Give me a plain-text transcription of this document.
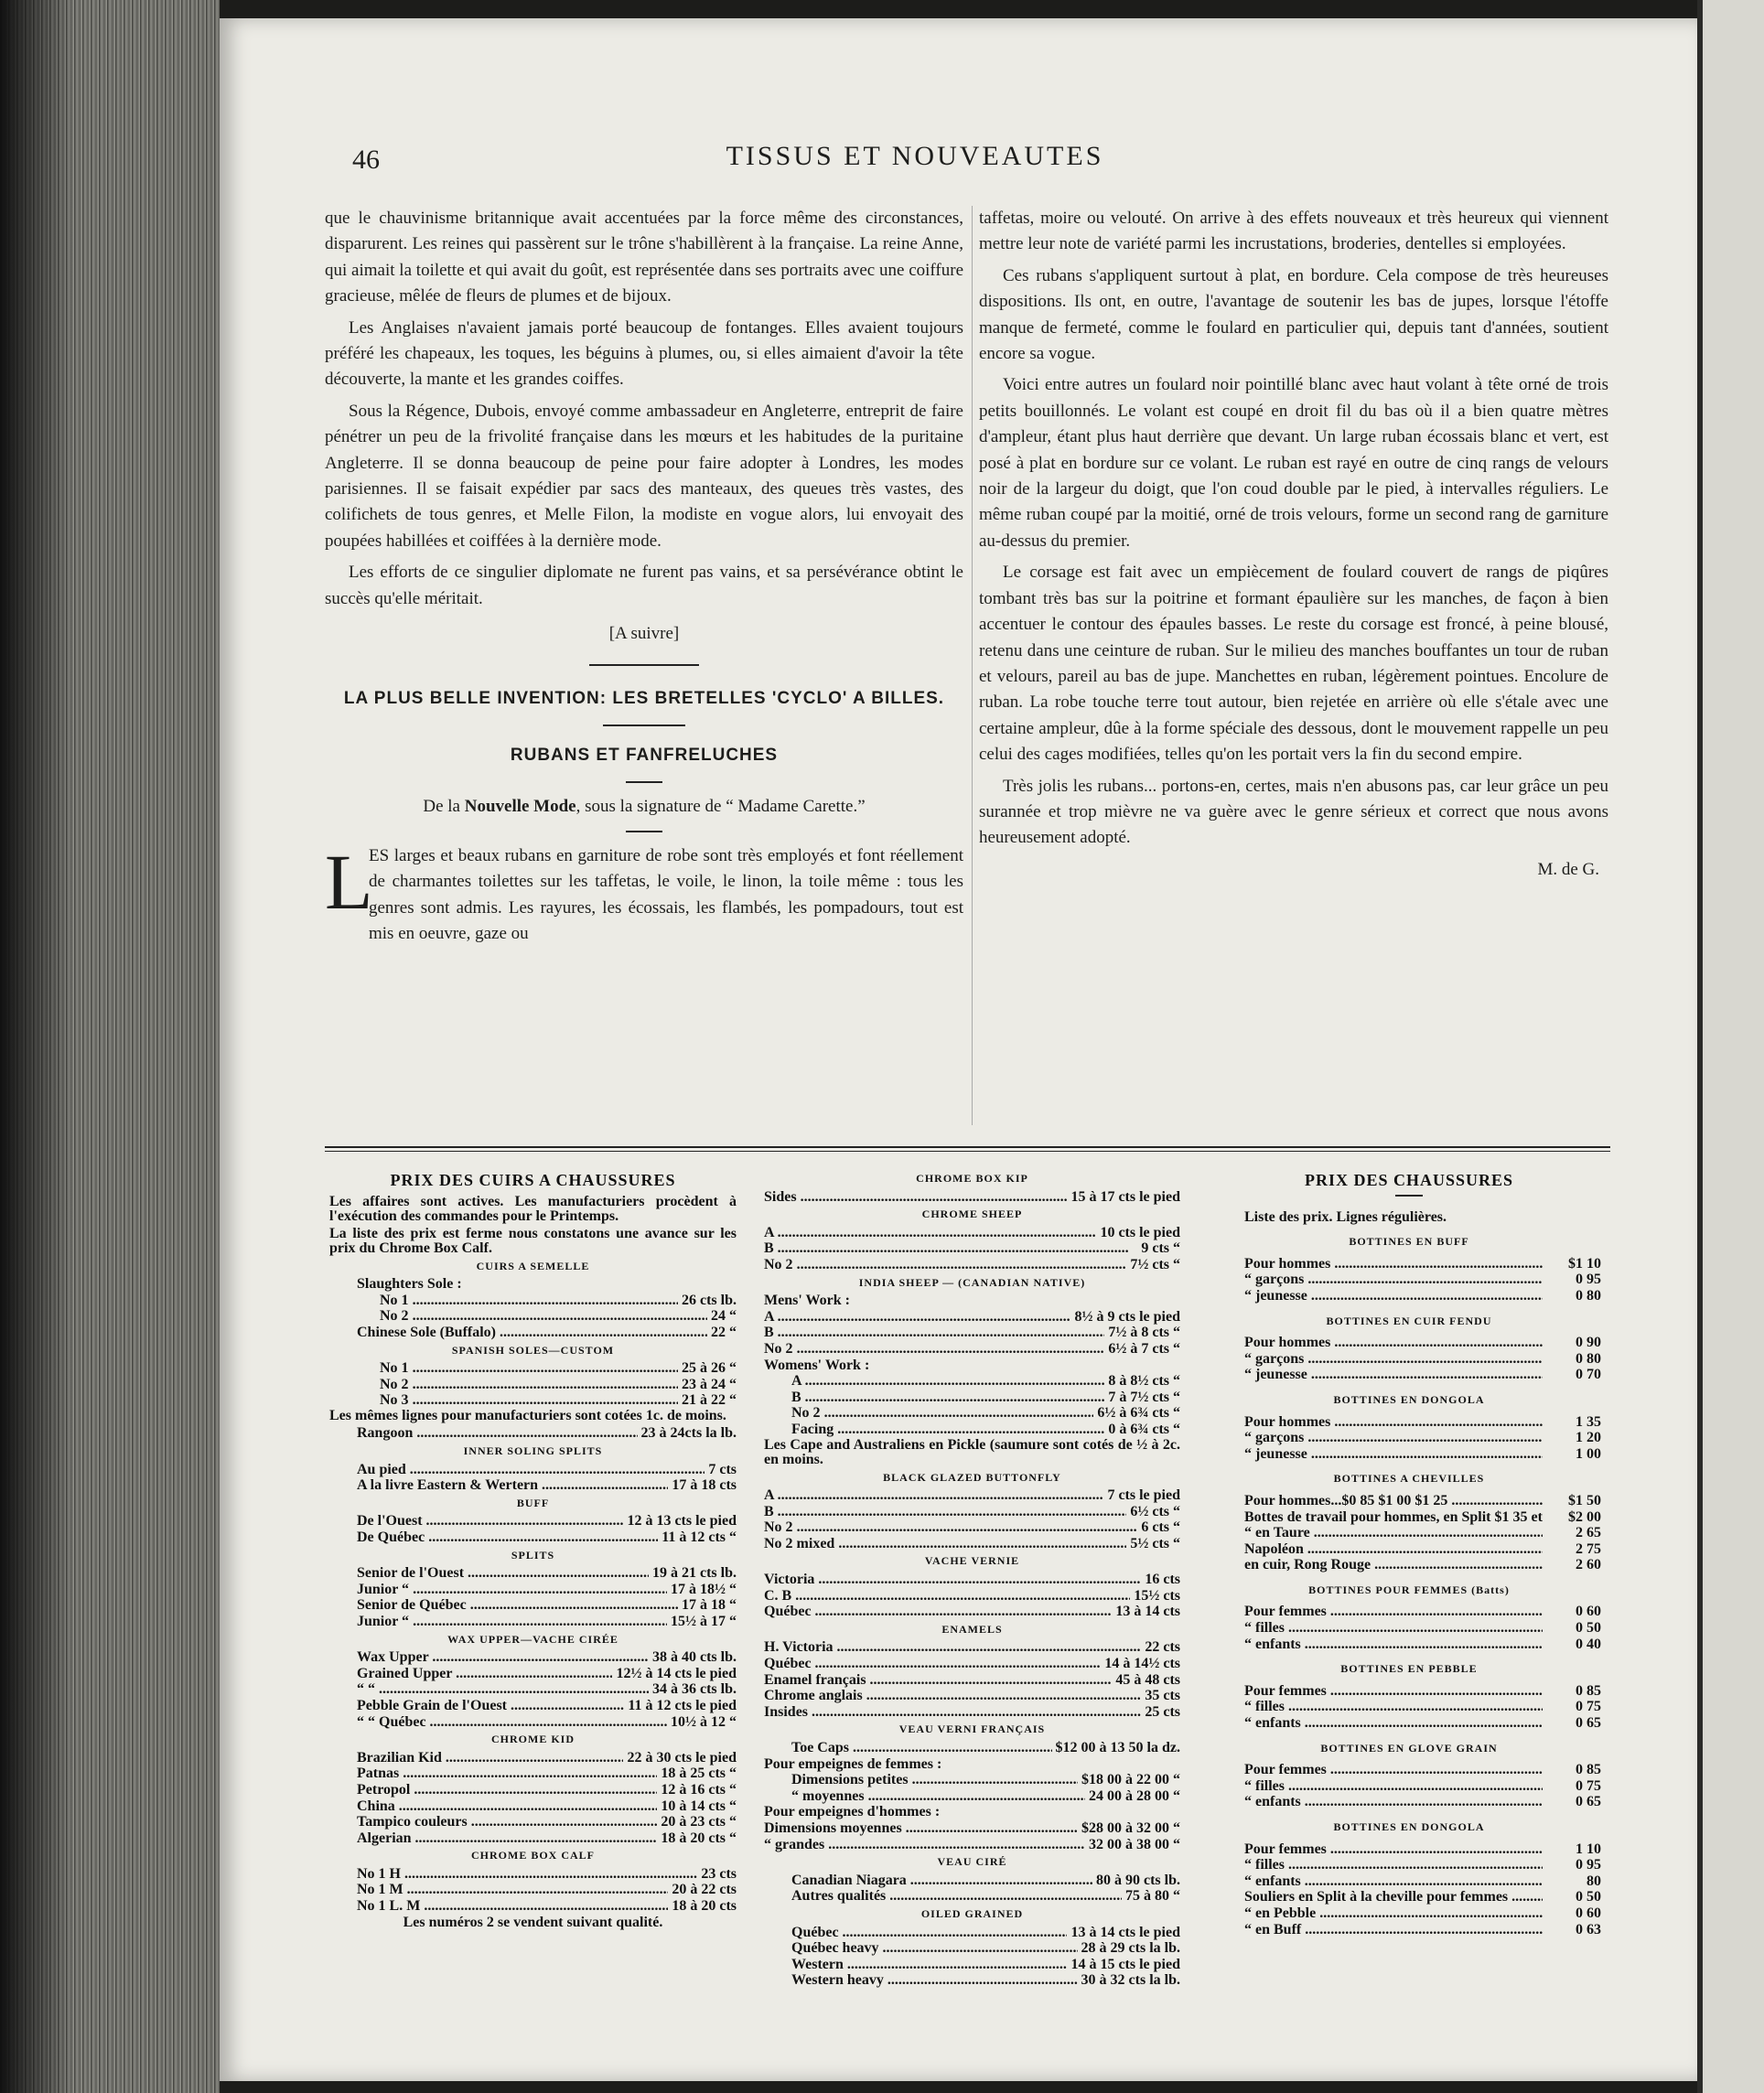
46	TISSUS ET NOUVEAUTES

que le chauvinisme britannique avait accentuées par la force même des circonstances, disparurent. Les reines qui passèrent sur le trône s'habillèrent à la française. La reine Anne, qui aimait la toilette et qui avait du goût, est représentée dans ses portraits avec une coiffure gracieuse, mêlée de fleurs de plumes et de bijoux.

Les Anglaises n'avaient jamais porté beaucoup de fontanges. Elles avaient toujours préféré les chapeaux, les toques, les béguins à plumes, ou, si elles aimaient d'avoir la tête découverte, la mante et les grandes coiffes.

Sous la Régence, Dubois, envoyé comme ambassadeur en Angleterre, entreprit de faire pénétrer un peu de la frivolité française dans les mœurs et les habitudes de la puritaine Angleterre. Il se donna beaucoup de peine pour faire adopter à Londres, les modes parisiennes. Il se faisait expédier par sacs des manteaux, des queues très vastes, des colifichets de tous genres, et Melle Filon, la modiste en vogue alors, lui envoyait des poupées habillées et coiffées à la dernière mode.

Les efforts de ce singulier diplomate ne furent pas vains, et sa persévérance obtint le succès qu'elle méritait.

[A suivre]

LA PLUS BELLE INVENTION: LES BRETELLES 'CYCLO' A BILLES.
RUBANS ET FANFRELUCHES

De la Nouvelle Mode, sous la signature de “ Madame Carette.”

L
ES larges et beaux rubans en garniture de robe sont très employés et font réellement de charmantes toilettes sur les taffetas, le voile, le linon, la toile même : tous les genres sont admis. Les rayures, les écossais, les flambés, les pompadours, tout est mis en oeuvre, gaze ou

taffetas, moire ou velouté. On arrive à des effets nouveaux et très heureux qui viennent mettre leur note de variété parmi les incrustations, broderies, dentelles si employées.

Ces rubans s'appliquent surtout à plat, en bordure. Cela compose de très heureuses dispositions. Ils ont, en outre, l'avantage de soutenir les bas de jupes, lorsque l'étoffe manque de fermeté, comme le foulard en particulier qui, depuis tant d'années, soutient encore sa vogue.

Voici entre autres un foulard noir pointillé blanc avec haut volant à tête orné de trois petits bouillonnés. Le volant est coupé en droit fil du bas où il a bien quatre mètres d'ampleur, étant plus haut derrière que devant. Un large ruban écossais blanc et vert, est posé à plat en bordure sur ce volant. Le ruban est rayé en outre de cinq rangs de velours noir de la largeur du doigt, que l'on coud double par le pied, à intervalles réguliers. Le même ruban coupé par la moitié, orné de trois velours, forme un second rang de garniture au-dessus du premier.

Le corsage est fait avec un empiècement de foulard couvert de rangs de piqûres tombant très bas sur la poitrine et formant épaulière sur les manches, de façon à bien accentuer le contour des épaules basses. Le reste du corsage est froncé, à peine blousé, retenu dans une ceinture de ruban. Sur le milieu des manches bouffantes un tour de ruban et velours, pareil au bas de jupe. Manchettes en ruban, légèrement pointues. Encolure de ruban. La robe touche terre tout autour, bien rejetée en arrière où elle s'étale avec une certaine ampleur, dûe à la forme spéciale des dessous, dont le mouvement rappelle un peu celui des cages modifiées, telles qu'on les portait vers la fin du second empire.

Très jolis les rubans... portons-en, certes, mais n'en abusons pas, car leur grâce un peu surannée et trop mièvre ne va guère avec le genre sérieux et correct que nous avons heureusement adopté.

M. de G.
PRIX DES CUIRS A CHAUSSURES

Les affaires sont actives. Les manufacturiers procèdent à l'exécution des commandes pour le Printemps.

La liste des prix est ferme nous constatons une avance sur les prix du Chrome Box Calf.

CUIRS A SEMELLE
Slaughters Sole :
No 1 .....	26 cts lb.
No 2 .....	24 “
Chinese Sole (Buffalo) .....	22 “
SPANISH SOLES—CUSTOM
No 1 .....	25 à 26 “
No 2 .....	23 à 24 “
No 3 .....	21 à 22 “

Les mêmes lignes pour manufacturiers sont cotées 1c. de moins.

Rangoon .....	23 à 24cts la lb.
INNER SOLING SPLITS
Au pied .....	7 cts
A la livre Eastern & Wertern .....	17 à 18 cts
BUFF
De l'Ouest .....	12 à 13 cts le pied
De Québec .....	11 à 12 cts “
SPLITS
Senior de l'Ouest .....	19 à 21 cts lb.
Junior “ .....	17 à 18½ “
Senior de Québec .....	17 à 18 “
Junior “ .....	15½ à 17 “
WAX UPPER—VACHE CIRÉE
Wax Upper .....	38 à 40 cts lb.
Grained Upper .....	12½ à 14 cts le pied
“ “ .....	34 à 36 cts lb.
Pebble Grain de l'Ouest .....	11 à 12 cts le pied
“ “ Québec .....	10½ à 12 “
CHROME KID
Brazilian Kid .....	22 à 30 cts le pied
Patnas .....	18 à 25 cts “
Petropol .....	12 à 16 cts “
China .....	10 à 14 cts “
Tampico couleurs .....	20 à 23 cts “
Algerian .....	18 à 20 cts “
CHROME BOX CALF
No 1 H .....	23 cts
No 1 M .....	20 à 22 cts
No 1 L. M .....	18 à 20 cts
Les numéros 2 se vendent suivant qualité.
CHROME BOX KIP
Sides .....	15 à 17 cts le pied
CHROME SHEEP
A .....	10 cts le pied
B .....	9 cts “
No 2 .....	7½ cts “
INDIA SHEEP — (CANADIAN NATIVE)
Mens' Work :
A .....	8½ à 9 cts le pied
B .....	7½ à 8 cts “
No 2 .....	6½ à 7 cts “
Womens' Work :
A .....	8 à 8½ cts “
B .....	7 à 7½ cts “
No 2 .....	6½ à 6¾ cts “
Facing .....	0 à 6¾ cts “

Les Cape and Australiens en Pickle (saumure sont cotés de ½ à 2c. en moins.

BLACK GLAZED BUTTONFLY
A .....	7 cts le pied
B .....	6½ cts “
No 2 .....	6 cts “
No 2 mixed .....	5½ cts “
VACHE VERNIE
Victoria .....	16 cts
C. B .....	15½ cts
Québec .....	13 à 14 cts
ENAMELS
H. Victoria .....	22 cts
Québec .....	14 à 14½ cts
Enamel français .....	45 à 48 cts
Chrome anglais .....	35 cts
Insides .....	25 cts
VEAU VERNI FRANÇAIS
Toe Caps .....	$12 00 à 13 50 la dz.
Pour empeignes de femmes :
Dimensions petites .....	$18 00 à 22 00 “
“ moyennes .....	24 00 à 28 00 “
Pour empeignes d'hommes :
Dimensions moyennes .....	$28 00 à 32 00 “
“ grandes .....	32 00 à 38 00 “
VEAU CIRÉ
Canadian Niagara .....	80 à 90 cts lb.
Autres qualités .....	75 à 80 “
OILED GRAINED
Québec .....	13 à 14 cts le pied
Québec heavy .....	28 à 29 cts la lb.
Western .....	14 à 15 cts le pied
Western heavy .....	30 à 32 cts la lb.
PRIX DES CHAUSSURES
Liste des prix. Lignes régulières.
BOTTINES EN BUFF
Pour hommes .....	$1 10
“ garçons .....	0 95
“ jeunesse .....	0 80
BOTTINES EN CUIR FENDU
Pour hommes .....	0 90
“ garçons .....	0 80
“ jeunesse .....	0 70
BOTTINES EN DONGOLA
Pour hommes .....	1 35
“ garçons .....	1 20
“ jeunesse .....	1 00
BOTTINES A CHEVILLES
Pour hommes...$0 85 $1 00 $1 25 .....	$1 50
Bottes de travail pour hommes, en Split $1 35 et .....	$2 00
“ en Taure .....	2 65
Napoléon .....	2 75
en cuir, Rong Rouge .....	2 60
BOTTINES POUR FEMMES (Batts)
Pour femmes .....	0 60
“ filles .....	0 50
“ enfants .....	0 40
BOTTINES EN PEBBLE
Pour femmes .....	0 85
“ filles .....	0 75
“ enfants .....	0 65
BOTTINES EN GLOVE GRAIN
Pour femmes .....	0 85
“ filles .....	0 75
“ enfants .....	0 65
BOTTINES EN DONGOLA
Pour femmes .....	1 10
“ filles .....	0 95
“ enfants .....	80
Souliers en Split à la cheville pour femmes .....	0 50
“ en Pebble .....	0 60
“ en Buff .....	0 63
